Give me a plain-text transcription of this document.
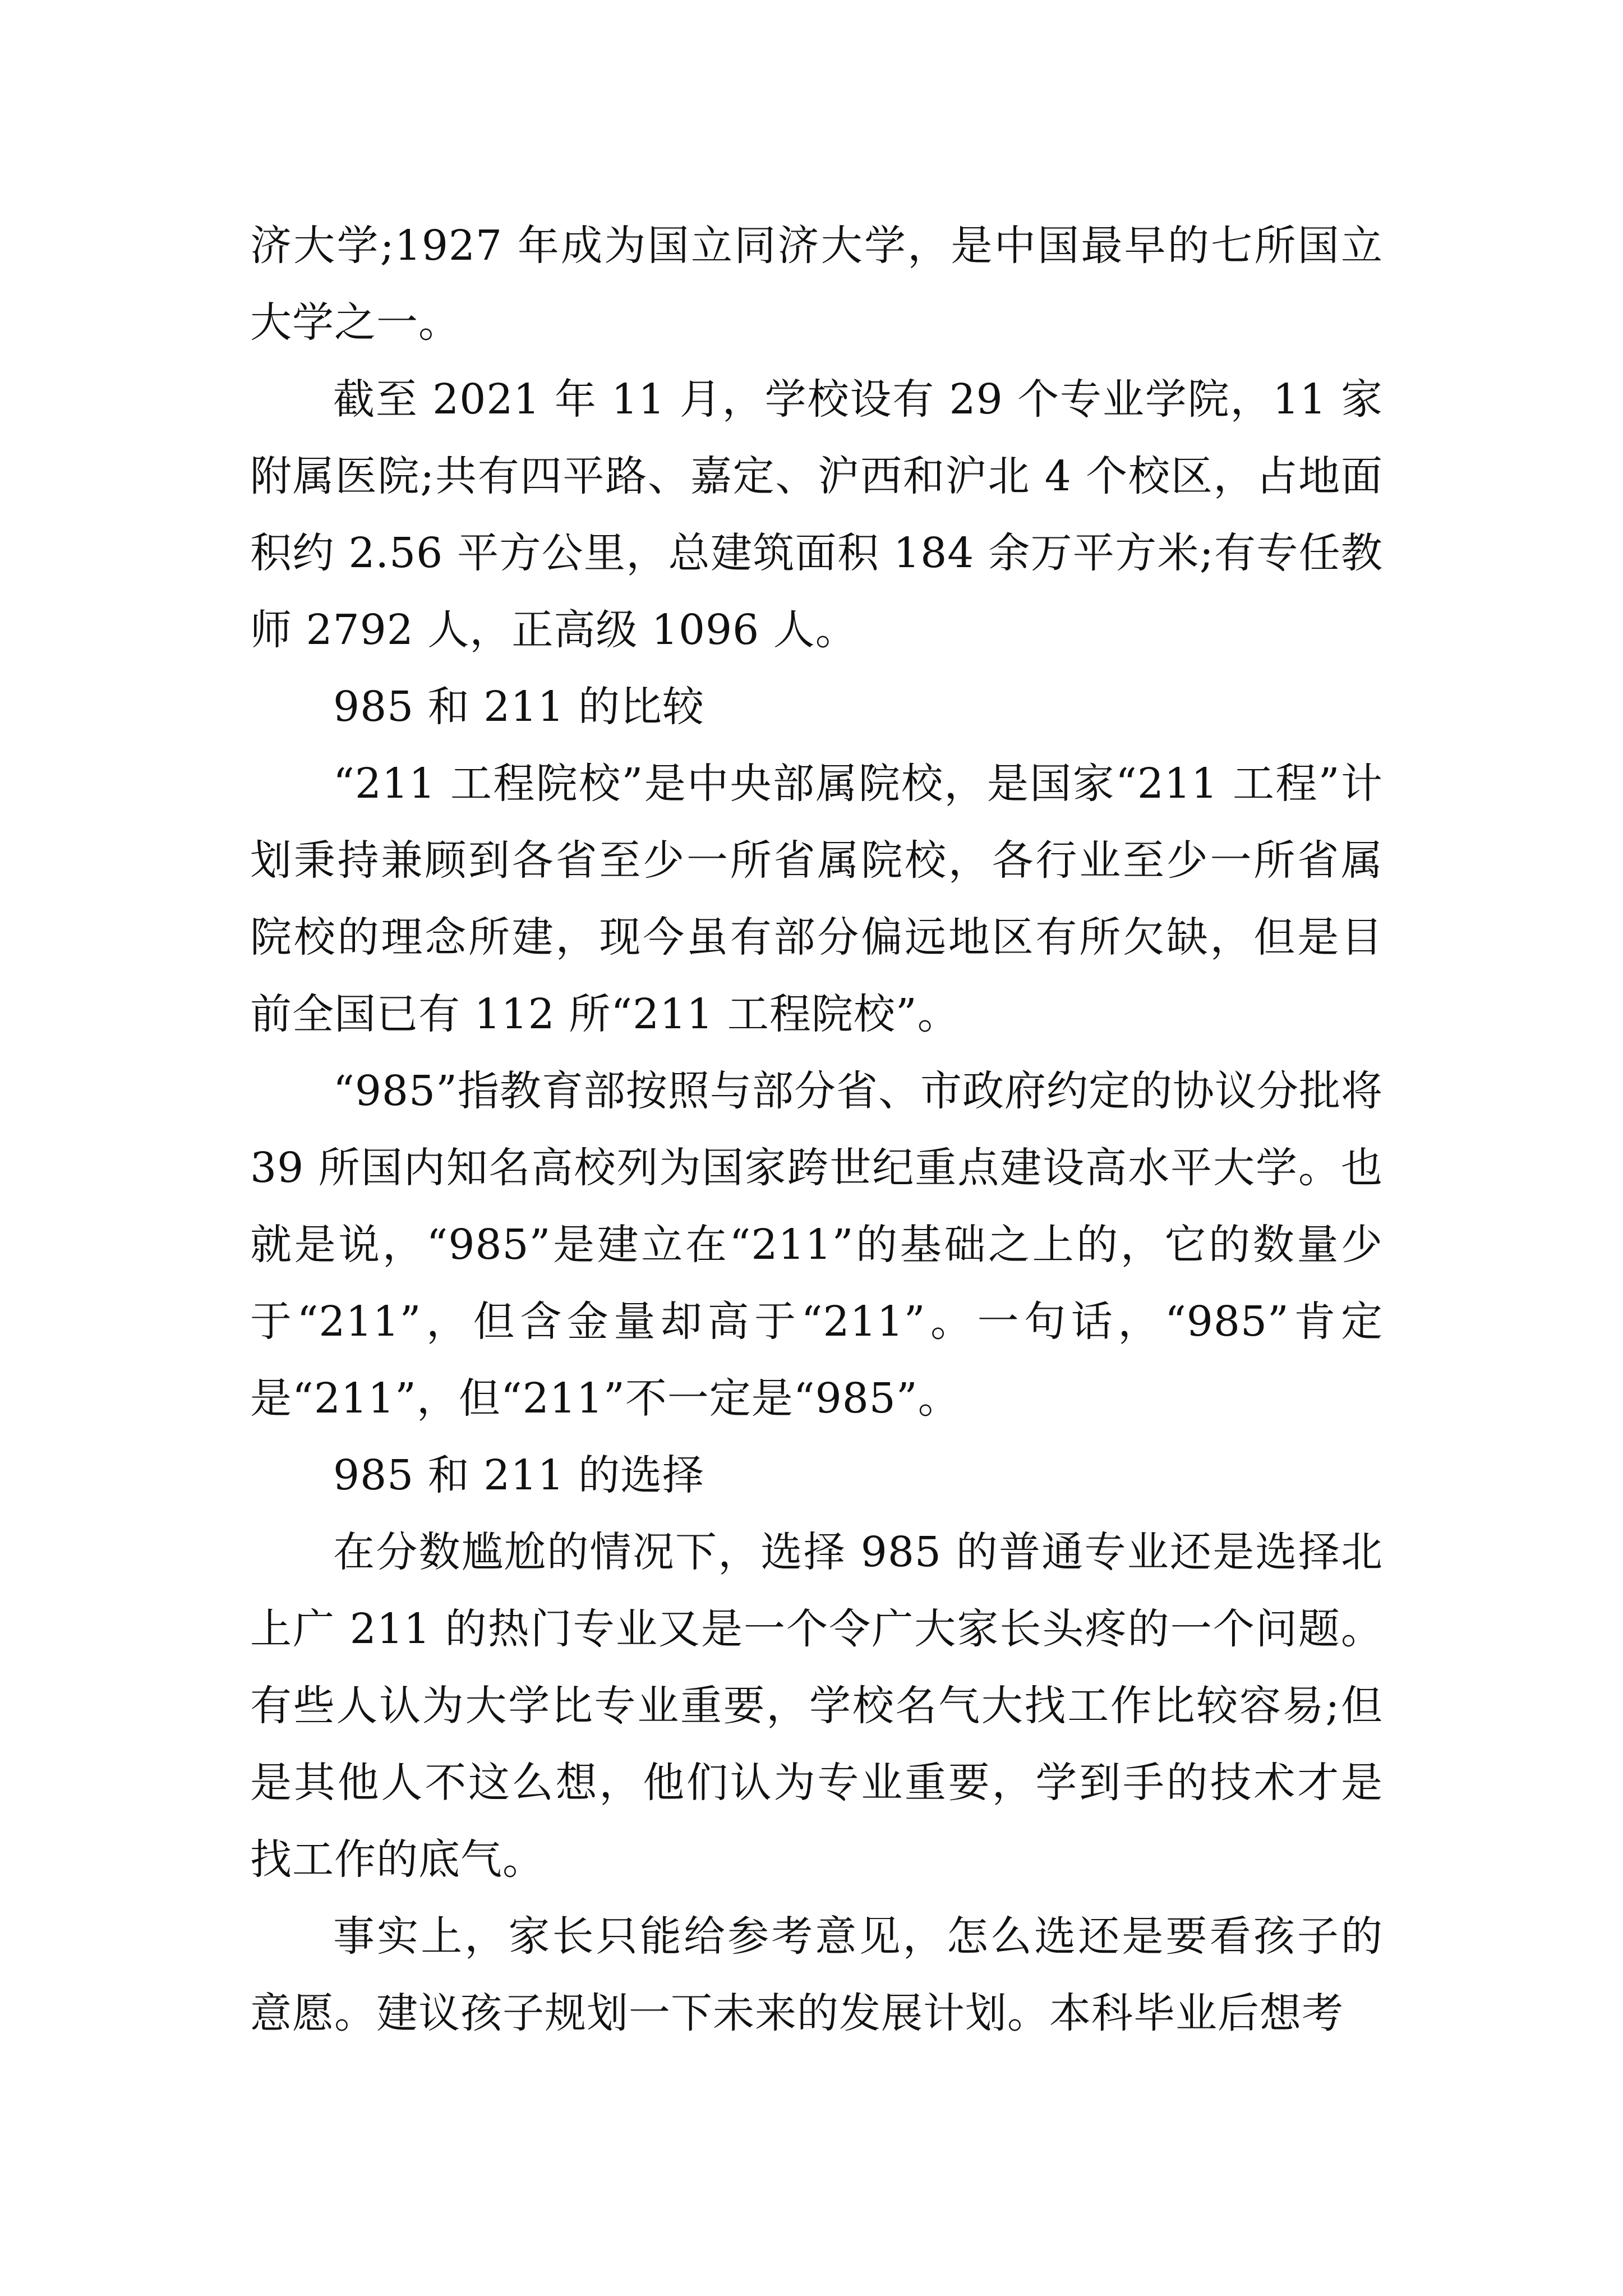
济大学;1927 年成为国立同济大学，是中国最早的七所国立大学之一。

截至 2021 年 11 月，学校设有 29 个专业学院，11 家附属医院;共有四平路、嘉定、沪西和沪北 4 个校区，占地面积约 2.56 平方公里，总建筑面积 184 余万平方米;有专任教师 2792 人，正高级 1096 人。

985 和 211 的比较

“211 工程院校”是中央部属院校，是国家“211 工程”计划秉持兼顾到各省至少一所省属院校，各行业至少一所省属院校的理念所建，现今虽有部分偏远地区有所欠缺，但是目前全国已有 112 所“211 工程院校”。

“985”指教育部按照与部分省、市政府约定的协议分批将 39 所国内知名高校列为国家跨世纪重点建设高水平大学。也就是说，“985”是建立在“211”的基础之上的，它的数量少于“211”，但含金量却高于“211”。一句话，“985”肯定是“211”，但“211”不一定是“985”。

985 和 211 的选择

在分数尴尬的情况下，选择 985 的普通专业还是选择北上广 211 的热门专业又是一个令广大家长头疼的一个问题。有些人认为大学比专业重要，学校名气大找工作比较容易;但是其他人不这么想，他们认为专业重要，学到手的技术才是找工作的底气。

事实上，家长只能给参考意见，怎么选还是要看孩子的意愿。建议孩子规划一下未来的发展计划。本科毕业后想考
